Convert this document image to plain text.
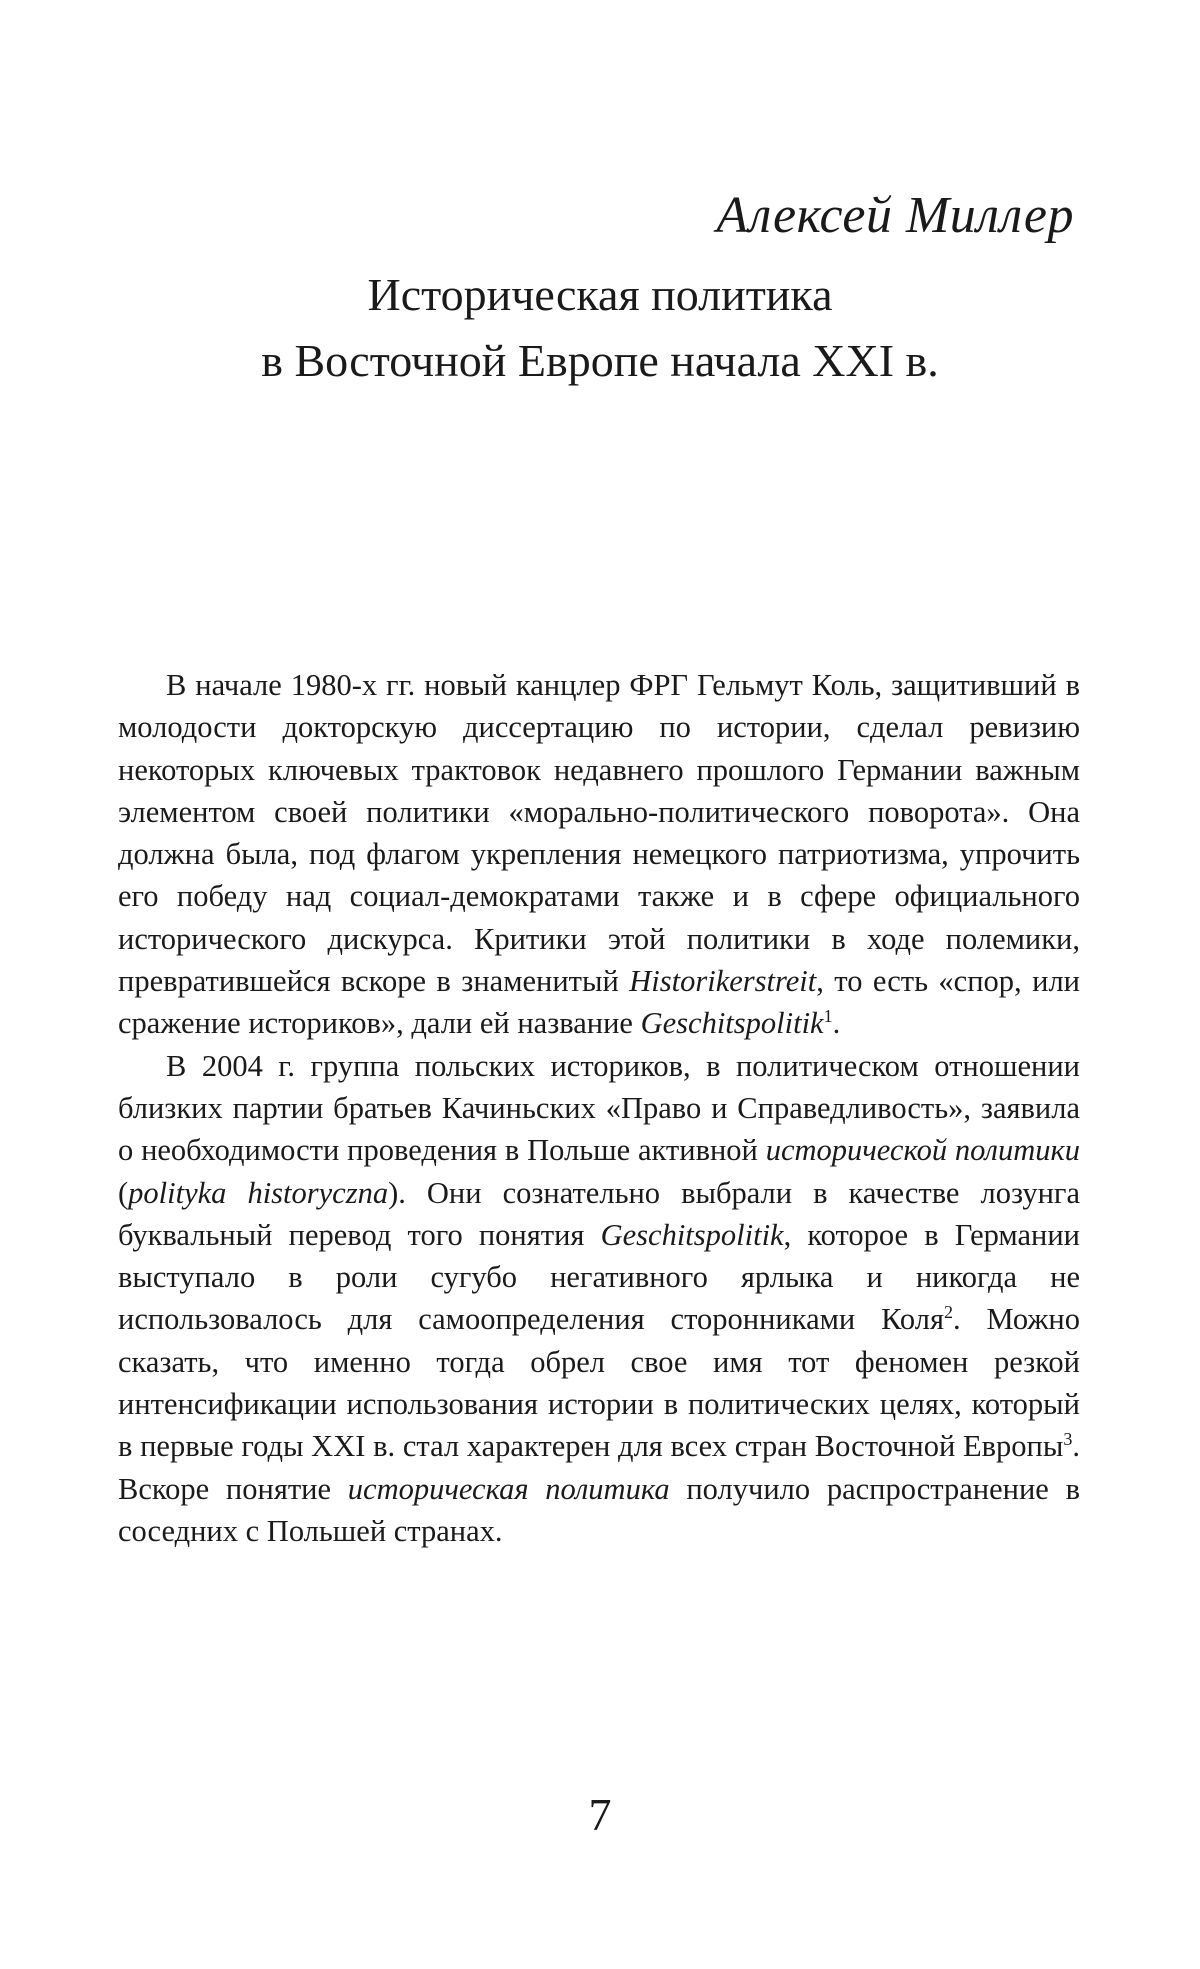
Алексей Миллер
Историческая политика
в Восточной Европе начала XXI в.

В начале 1980-х гг. новый канцлер ФРГ Гельмут Коль, защитивший в молодости докторскую диссертацию по истории, сделал ревизию некоторых ключевых трактовок недавнего прошлого Германии важным элементом своей политики «морально-политического поворота». Она должна была, под флагом укрепления немецкого патриотизма, упрочить его победу над социал-демократами также и в сфере официального исторического дискурса. Критики этой политики в ходе полемики, превратившейся вскоре в знаменитый Historikerstreit, то есть «спор, или сражение историков», дали ей название Geschitspolitik$^1$.

В 2004 г. группа польских историков, в политическом отношении близких партии братьев Качиньских «Право и Справедливость», заявила о необходимости проведения в Польше активной исторической политики (polityka historyczna). Они сознательно выбрали в качестве лозунга буквальный перевод того понятия Geschitspolitik, которое в Германии выступало в роли сугубо негативного ярлыка и никогда не использовалось для самоопределения сторонниками Коля$^2$. Можно сказать, что именно тогда обрел свое имя тот феномен резкой интенсификации использования истории в политических целях, который в первые годы XXI в. стал характерен для всех стран Восточной Европы$^3$. Вскоре понятие историческая политика получило распространение в соседних с Польшей странах.

7
